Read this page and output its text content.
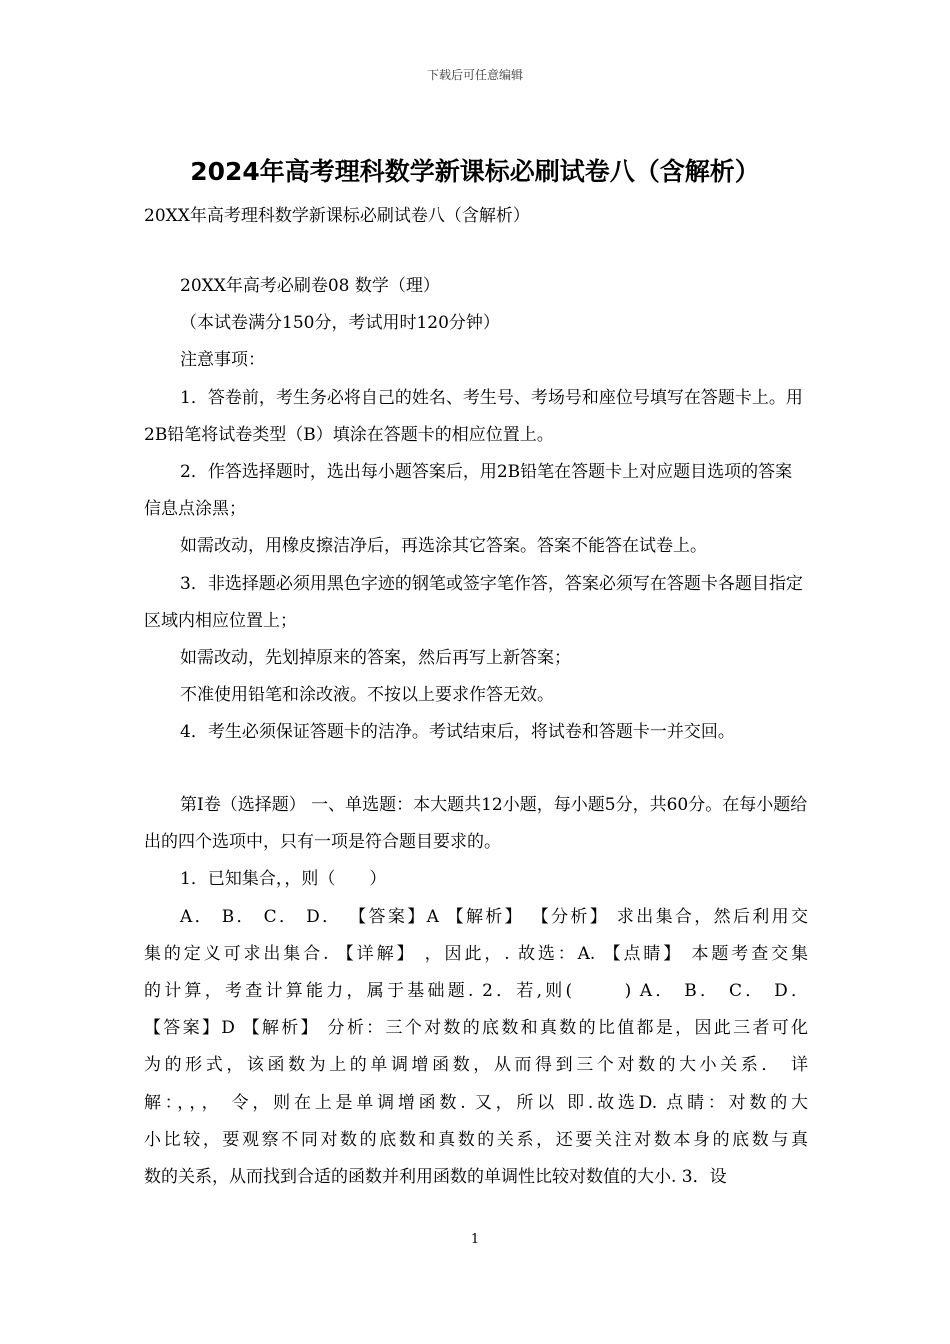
下载后可任意编辑
2024年高考理科数学新课标必刷试卷八（含解析）
20XX年高考理科数学新课标必刷试卷八（含解析）

20XX年高考必刷卷08 数学（理）

（本试卷满分150分，考试用时120分钟）

注意事项：

1．答卷前，考生务必将自己的姓名、考生号、考场号和座位号填写在答题卡上。用2B铅笔将试卷类型（B）填涂在答题卡的相应位置上。

2．作答选择题时，选出每小题答案后，用2B铅笔在答题卡上对应题目选项的答案信息点涂黑；

如需改动，用橡皮擦洁净后，再选涂其它答案。答案不能答在试卷上。

3．非选择题必须用黑色字迹的钢笔或签字笔作答，答案必须写在答题卡各题目指定区域内相应位置上；

如需改动，先划掉原来的答案，然后再写上新答案；

不准使用铅笔和涂改液。不按以上要求作答无效。

4．考生必须保证答题卡的洁净。考试结束后，将试卷和答题卡一并交回。

第Ⅰ卷（选择题） 一、单选题：本大题共12小题，每小题5分，共60分。在每小题给出的四个选项中，只有一项是符合题目要求的。

1．已知集合，，则（　　）

A． B． C． D． 【答案】A 【解析】 【分析】 求出集合，然后利用交

集的定义可求出集合. 【详解】 ，因此，. 故选：A. 【点睛】 本题考查交集

的计算，考查计算能力，属于基础题. 2．若,则(　　 ) A． B． C． D．

【答案】D 【解析】 分析：三个对数的底数和真数的比值都是，因此三者可化

为的形式，该函数为上的单调增函数，从而得到三个对数的大小关系． 详

解：，，， 令，则在上是单调增函数. 又，所以 即.故选D. 点睛：对数的大

小比较，要观察不同对数的底数和真数的关系，还要关注对数本身的底数与真

数的关系，从而找到合适的函数并利用函数的单调性比较对数值的大小. 3．设

1
